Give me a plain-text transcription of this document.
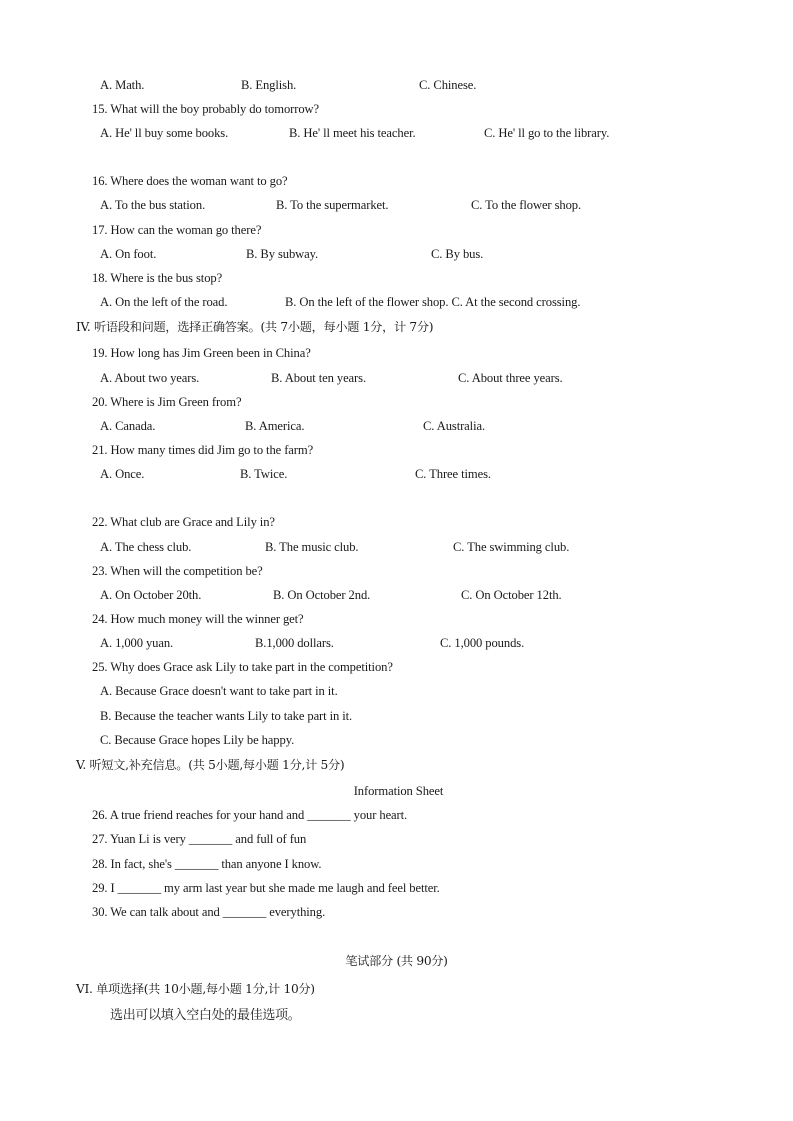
A. Math.	B. English.	C. Chinese.
15. What will the boy probably do tomorrow?
A. He' ll buy some books.	B. He' ll meet his teacher.	C. He' ll go to the library.
16. Where does the woman want to go?
A. To the bus station.	B. To the supermarket.	C. To the flower shop.
17. How can the woman go there?
A. On foot.	B. By subway.	C. By bus.
18. Where is the bus stop?
A. On the left of the road.	B. On the left of the flower shop. C. At the second crossing.
IV. 听语段和问题，选择正确答案。(共 7小题，每小题 1分，计 7分)
19. How long has Jim Green been in China?
A. About two years.	B. About ten years.	C. About three years.
20. Where is Jim Green from?
A. Canada.	B. America.	C. Australia.
21. How many times did Jim go to the farm?
A. Once.	B. Twice.	C. Three times.
22. What club are Grace and Lily in?
A. The chess club.	B. The music club.	C. The swimming club.
23. When will the competition be?
A. On October 20th.	B. On October 2nd.	C. On October 12th.
24. How much money will the winner get?
A. 1,000 yuan.	B.1,000 dollars.	C. 1,000 pounds.
25. Why does Grace ask Lily to take part in the competition?
A. Because Grace doesn't want to take part in it.
B. Because the teacher wants Lily to take part in it.
C. Because Grace hopes Lily be happy.
V. 听短文,补充信息。(共 5小题,每小题 1分,计 5分)
Information Sheet
26. A true friend reaches for your hand and _______ your heart.
27. Yuan Li is very _______ and full of fun
28. In fact, she's _______ than anyone I know.
29. I _______ my arm last year but she made me laugh and feel better.
30. We can talk about and _______ everything.
笔试部分 (共 90分)
VI. 单项选择(共 10小题,每小题 1分,计 10分)
选出可以填入空白处的最佳选项。
